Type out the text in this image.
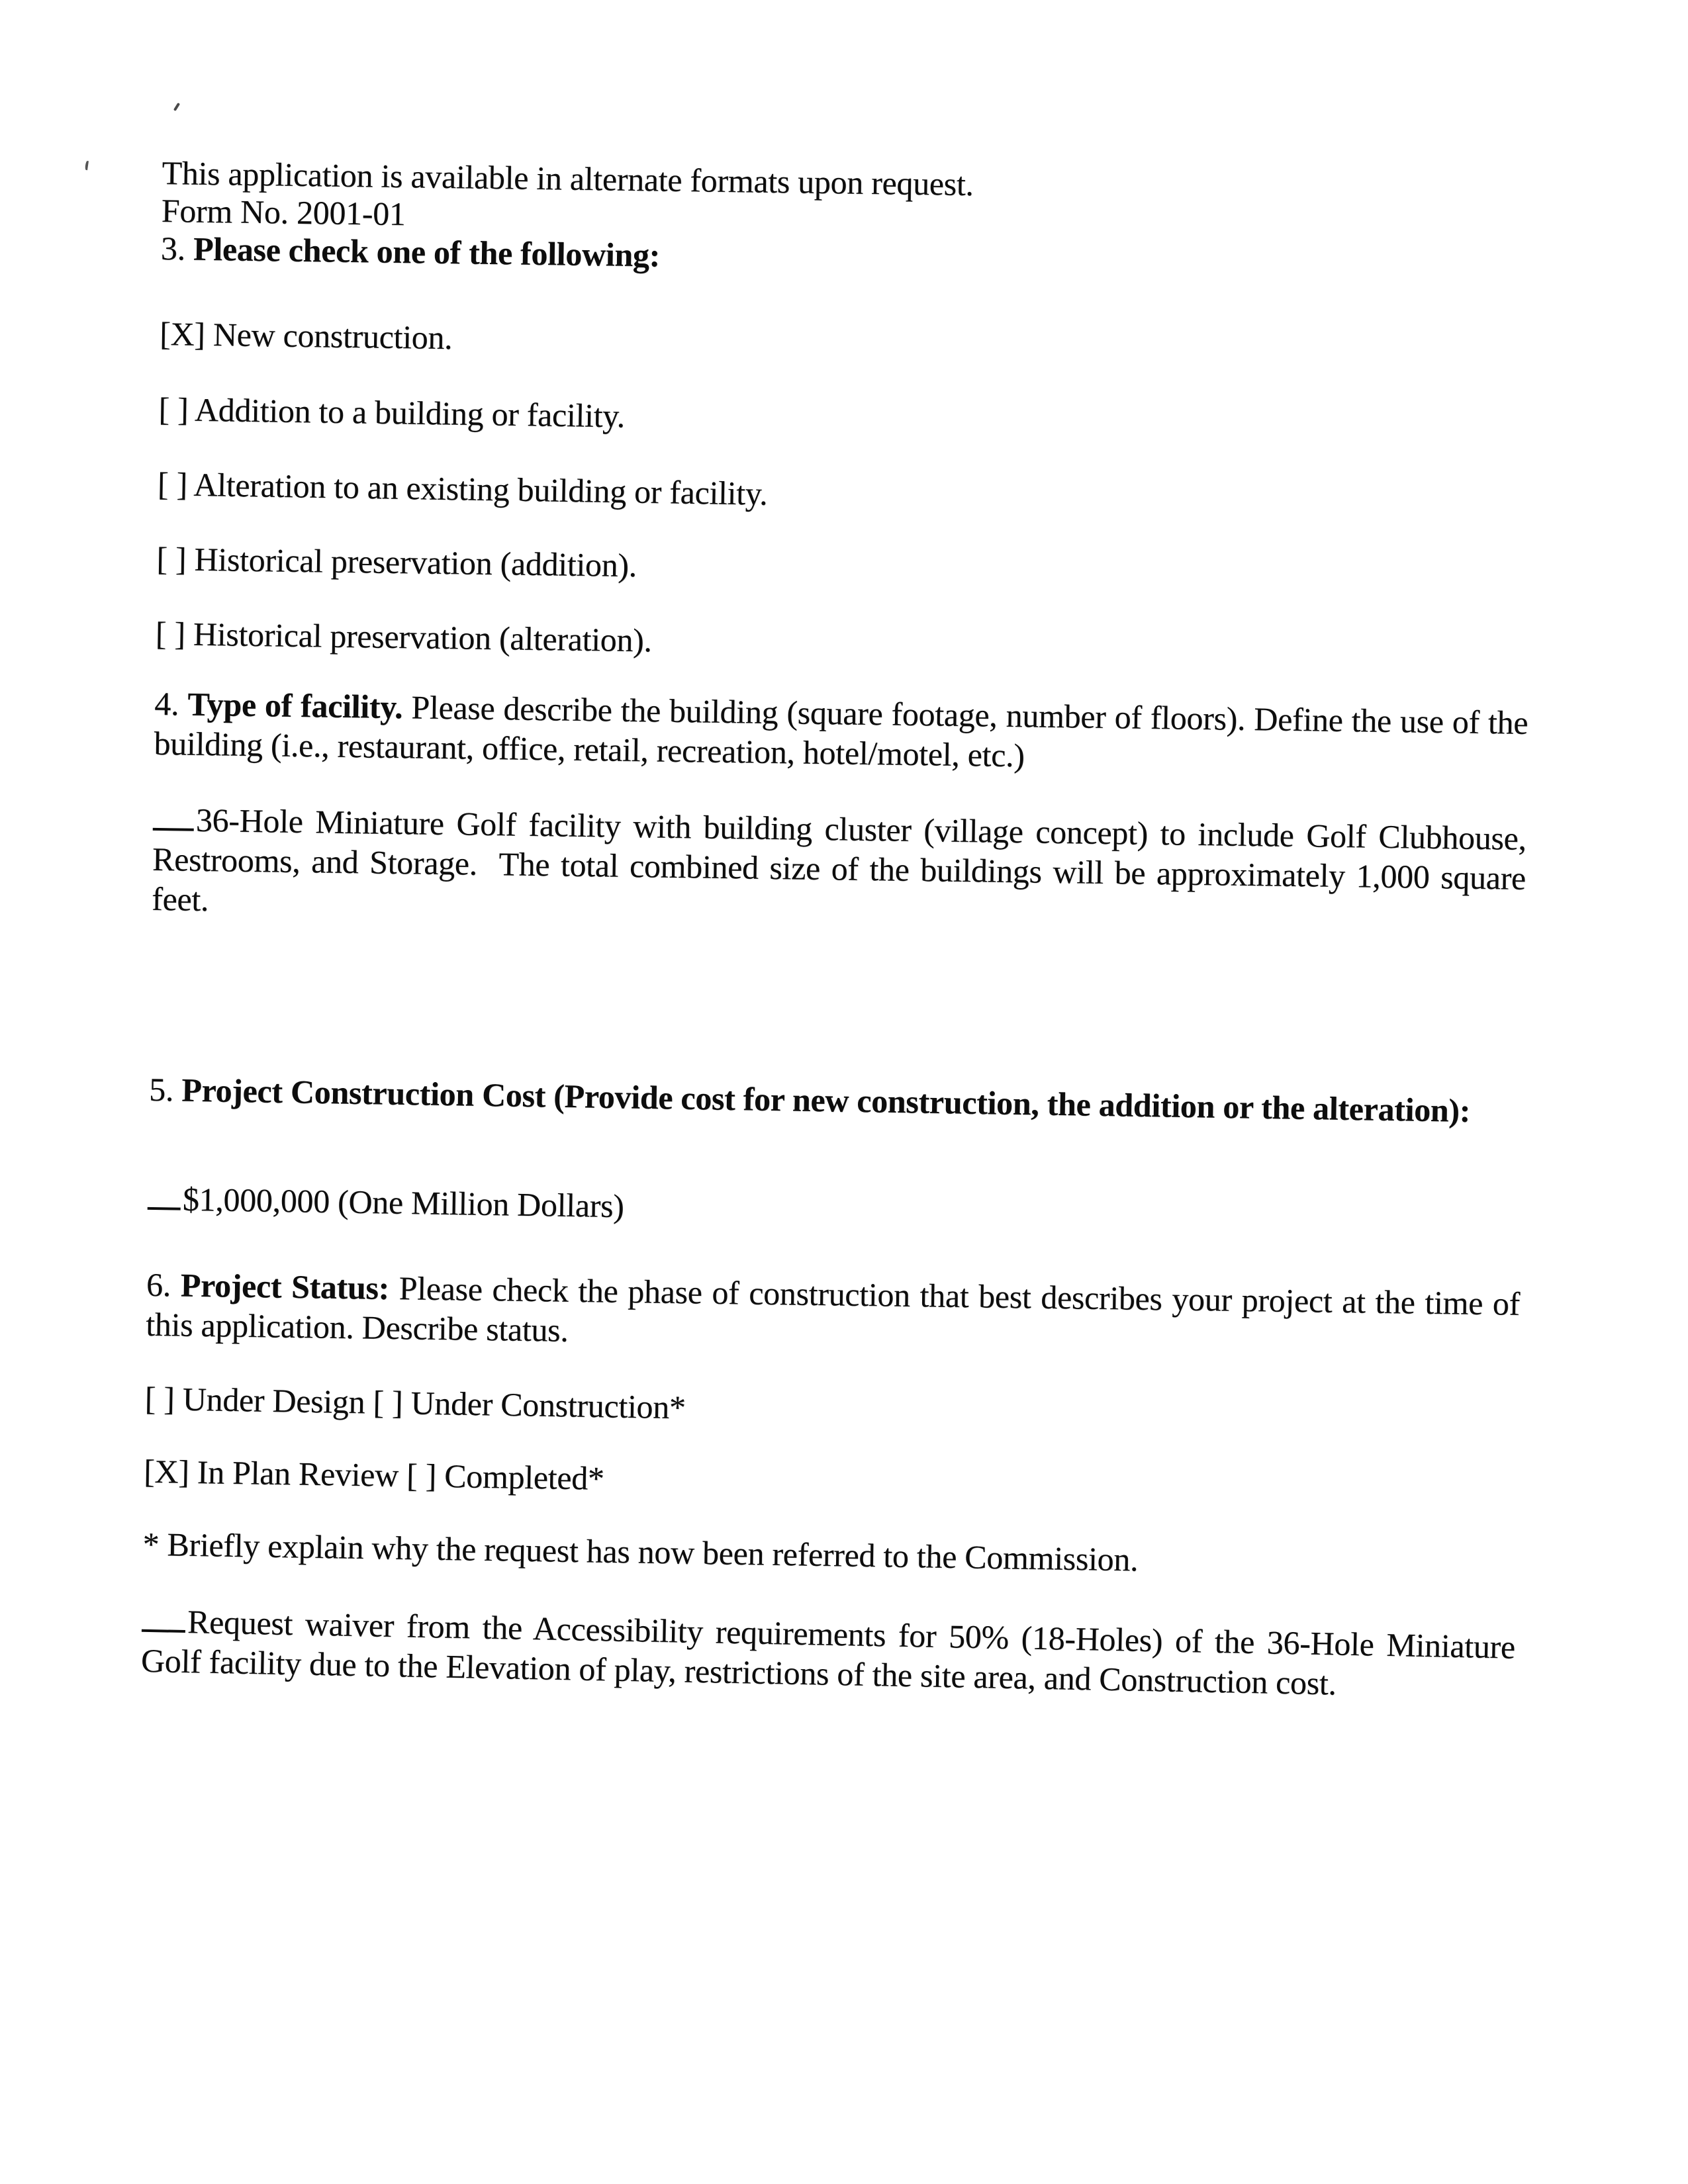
This application is available in alternate formats upon request.

Form No. 2001-01

3. Please check one of the following:

[X] New construction.

[ ] Addition to a building or facility.

[ ] Alteration to an existing building or facility.

[ ] Historical preservation (addition).

[ ] Historical preservation (alteration).

4. Type of facility. Please describe the building (square footage, number of floors). Define the use of the building (i.e., restaurant, office, retail, recreation, hotel/motel, etc.)

36-Hole Miniature Golf facility with building cluster (village concept) to include Golf Clubhouse, Restrooms, and Storage.  The total combined size of the buildings will be approximately 1,000 square feet.

5. Project Construction Cost (Provide cost for new construction, the addition or the alteration):

$1,000,000 (One Million Dollars)

6. Project Status: Please check the phase of construction that best describes your project at the time of this application. Describe status.

[ ] Under Design [ ] Under Construction*

[X] In Plan Review [ ] Completed*

* Briefly explain why the request has now been referred to the Commission.

Request waiver from the Accessibility requirements for 50% (18-Holes) of the 36-Hole Miniature Golf facility due to the Elevation of play, restrictions of the site area, and Construction cost.
